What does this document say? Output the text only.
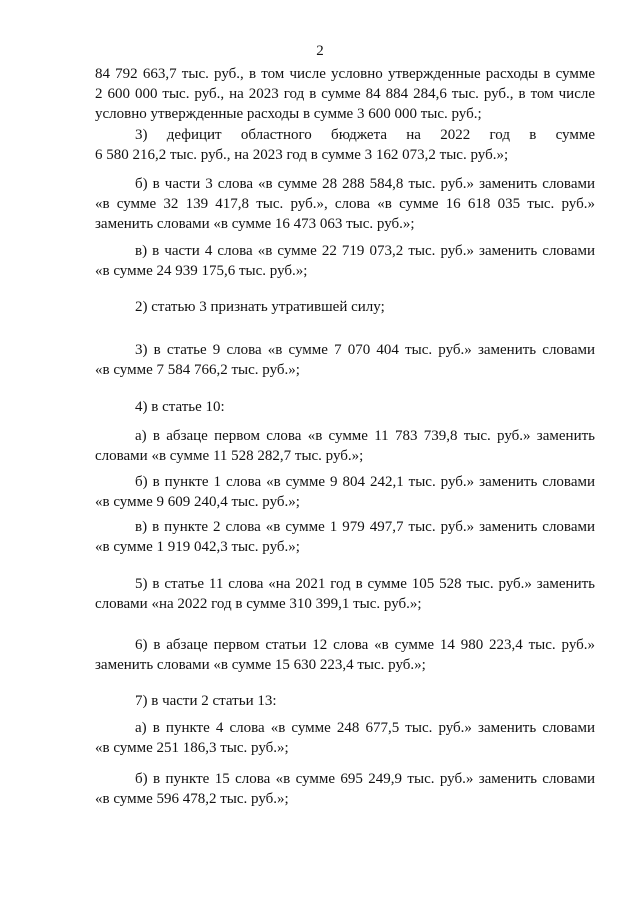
2
84 792 663,7 тыс. руб., в том числе условно утвержденные расходы в сумме
2 600 000 тыс. руб., на 2023 год в сумме 84 884 284,6 тыс. руб., в том числе
условно утвержденные расходы в сумме 3 600 000 тыс. руб.;
3) дефицит областного бюджета на 2022 год в сумме
6 580 216,2 тыс. руб., на 2023 год в сумме 3 162 073,2 тыс. руб.»;
б) в части 3 слова «в сумме 28 288 584,8 тыс. руб.» заменить словами
«в сумме 32 139 417,8 тыс. руб.», слова «в сумме 16 618 035 тыс. руб.»
заменить словами «в сумме 16 473 063 тыс. руб.»;
в) в части 4 слова «в сумме 22 719 073,2 тыс. руб.» заменить словами
«в сумме 24 939 175,6 тыс. руб.»;
2) статью 3 признать утратившей силу;
3) в статье 9 слова «в сумме 7 070 404 тыс. руб.» заменить словами
«в сумме 7 584 766,2 тыс. руб.»;
4) в статье 10:
а) в абзаце первом слова «в сумме 11 783 739,8 тыс. руб.» заменить
словами «в сумме 11 528 282,7 тыс. руб.»;
б) в пункте 1 слова «в сумме 9 804 242,1 тыс. руб.» заменить словами
«в сумме 9 609 240,4 тыс. руб.»;
в) в пункте 2 слова «в сумме 1 979 497,7 тыс. руб.» заменить словами
«в сумме 1 919 042,3 тыс. руб.»;
5) в статье 11 слова «на 2021 год в сумме 105 528 тыс. руб.» заменить
словами «на 2022 год в сумме 310 399,1 тыс. руб.»;
6) в абзаце первом статьи 12 слова «в сумме 14 980 223,4 тыс. руб.»
заменить словами «в сумме 15 630 223,4 тыс. руб.»;
7) в части 2 статьи 13:
а) в пункте 4 слова «в сумме 248 677,5 тыс. руб.» заменить словами
«в сумме 251 186,3 тыс. руб.»;
б) в пункте 15 слова «в сумме 695 249,9 тыс. руб.» заменить словами
«в сумме 596 478,2 тыс. руб.»;
